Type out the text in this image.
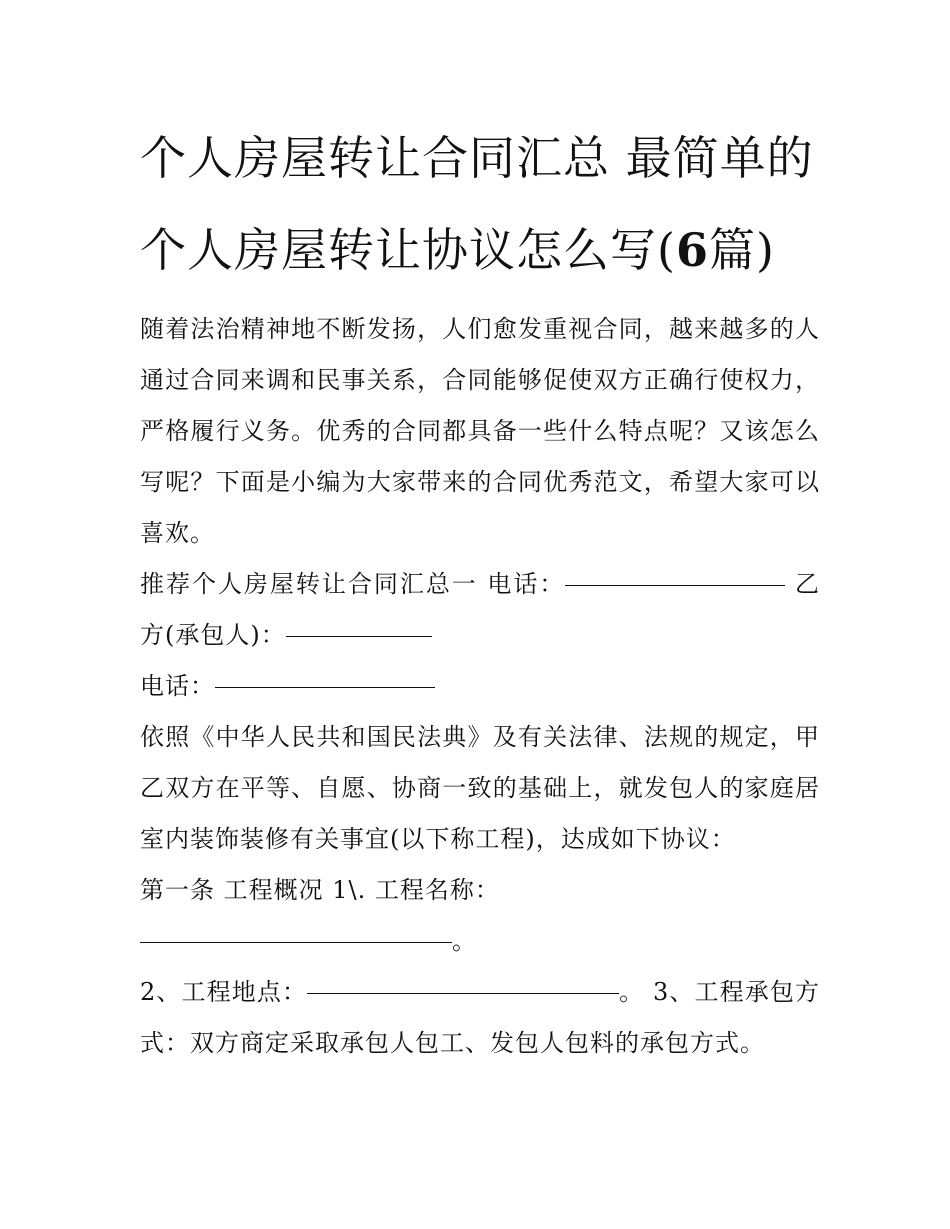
个人房屋转让合同汇总 最简单的个人房屋转让协议怎么写(6篇)

随着法治精神地不断发扬，人们愈发重视合同，越来越多的人通过合同来调和民事关系，合同能够促使双方正确行使权力，严格履行义务。优秀的合同都具备一些什么特点呢？又该怎么写呢？下面是小编为大家带来的合同优秀范文，希望大家可以喜欢。

推荐个人房屋转让合同汇总一 电话：	乙方(承包人)：

电话：

依照《中华人民共和国民法典》及有关法律、法规的规定，甲乙双方在平等、自愿、协商一致的基础上，就发包人的家庭居室内装饰装修有关事宜(以下称工程)，达成如下协议：

第一条 工程概况 1\. 工程名称：

。

2、工程地点：	。 3、工程承包方式：双方商定采取承包人包工、发包人包料的承包方式。
